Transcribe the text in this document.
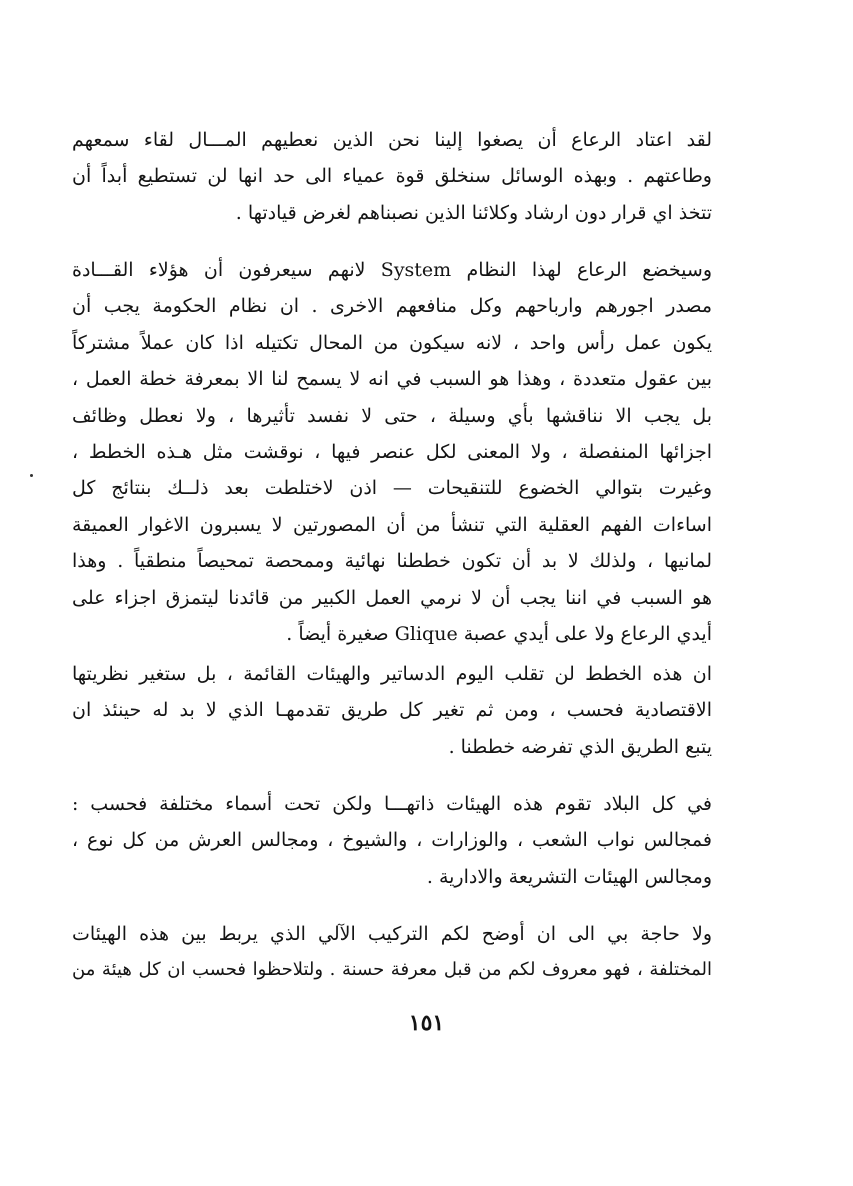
لقد اعتاد الرعاع أن يصغوا إلينا نحن الذين نعطيهم المـــال لقاء سمعهم
وطاعتهم . وبهذه الوسائل سنخلق قوة عمياء الى حد انها لن تستطيع أبداً أن
تتخذ اي قرار دون ارشاد وكلائنا الذين نصبناهم لغرض قيادتها .
وسيخضع الرعاع لهذا النظام System لانهم سيعرفون أن هؤلاء القـــادة
مصدر اجورهم وارباحهم وكل منافعهم الاخرى . ان نظام الحكومة يجب أن
يكون عمل رأس واحد ، لانه سيكون من المحال تكتيله اذا كان عملاً مشتركاً
بين عقول متعددة ، وهذا هو السبب في انه لا يسمح لنا الا بمعرفة خطة العمل ،
بل يجب الا نناقشها بأي وسيلة ، حتى لا نفسد تأثيرها ، ولا نعطل وظائف
اجزائها المنفصلة ، ولا المعنى لكل عنصر فيها ، نوقشت مثل هـذه الخطط ،
وغيرت بتوالي الخضوع للتنقيحات — اذن لاختلطت بعد ذلــك بنتائج كل
اساءات الفهم العقلية التي تنشأ من أن المصورتين لا يسبرون الاغوار العميقة
لمانيها ، ولذلك لا بد أن تكون خططنا نهائية وممحصة تمحيصاً منطقياً . وهذا
هو السبب في اننا يجب أن لا نرمي العمل الكبير من قائدنا ليتمزق اجزاء على
أيدي الرعاع ولا على أيدي عصبة Glique صغيرة أيضاً .
ان هذه الخطط لن تقلب اليوم الدساتير والهيئات القائمة ، بل ستغير نظريتها
الاقتصادية فحسب ، ومن ثم تغير كل طريق تقدمهـا الذي لا بد له حينئذ ان
يتبع الطريق الذي تفرضه خططنا .
في كل البلاد تقوم هذه الهيئات ذاتهـــا ولكن تحت أسماء مختلفة فحسب :
فمجالس نواب الشعب ، والوزارات ، والشيوخ ، ومجالس العرش من كل نوع ،
ومجالس الهيئات التشريعة والادارية .
ولا حاجة بي الى ان أوضح لكم التركيب الآلي الذي يربط بين هذه الهيئات
المختلفة ، فهو معروف لكم من قبل معرفة حسنة . ولتلاحظوا فحسب ان كل هيئة من
١٥١
